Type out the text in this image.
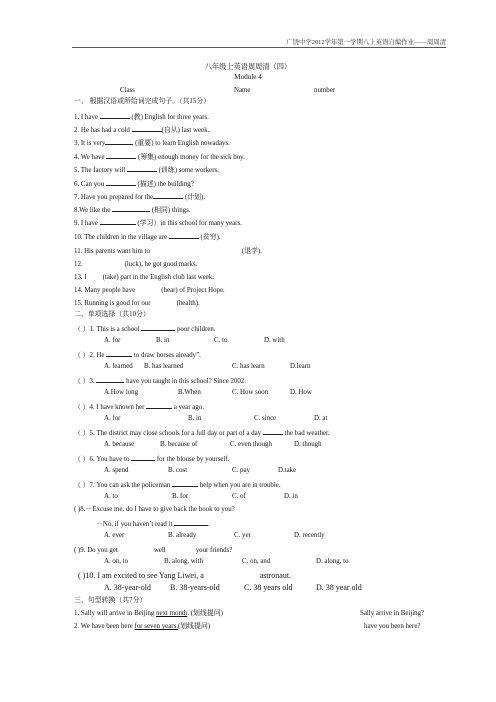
广饶中学2012学年第一学期八上英语自编作业——周周清
八年级上英语周周清（四）
Module 4
Class	Name	number
一、 根据汉语或所给词完成句子。（共15分）
1. I have	(教) English for three years.
2. He has had a cold	(自从) last week..
3. It is very	(重要) to learn English nowadays.
4. We have	(筹集) enough money for the sick boy.
5. The factory will	(训练) some workers.
6. Can you	(描述) the building?
7. Have you prepared for the	(计划).
8.We like the	(相同) things.
9. I have	(学习）in this school for many years.
10. The children in the village are	(贫穷).
11. His parents want him to	(退学).
12.	(luck), he got good marks.
13. I (take) part in the English club last week.
14. Many people have	(hear) of Project Hope.
15. Running is good for our	(health).
二、单项选择（共10分）
（ ）1. This is a school	poor children.
A. for	B. in	C. to	D. with
（ ）2. He	to draw horses already”.
A. learned B. has learned	C. has learn	D.learn
（ ）3.	have you taught in this school? Since 2002.
A.How long	B.When	C. How soon	D. How
（ ）4. I have known her	a year ago.
A. for	B. in	C. since	D. at
（ ）5. The district may close schools for a full day or part of a day	the bad weather.
A. because	B. because of	C. even though	D. though
（ ）6. You have to	for the blouse by yourself.
A. spend	B. cost	C. pay	D.take
（ ）7. You can ask the policeman	help when you are in trouble.
A. to	B. for	C. of	D. in
( )8.－Excuse me, do I have to give back the book to you?
－No, if you haven’t read it	.
A. ever	B. already	C. yet	D. recently
( )9. Do you get	well	your friends?
A. on, to	B. along, with	C. on, and	D. along, to
( )10. I am excited to see Yang Liwei, a	astronaut.
A. 38-year-old B. 38-years-old	C. 38 years old	D. 38 year old
三、句型转换（共7分）
1. Sally will arrive in Beijing next month. (划线提问)	Sally arrive in Beijing?
2. We have been here for seven years.(划线提问)	have you been here?
